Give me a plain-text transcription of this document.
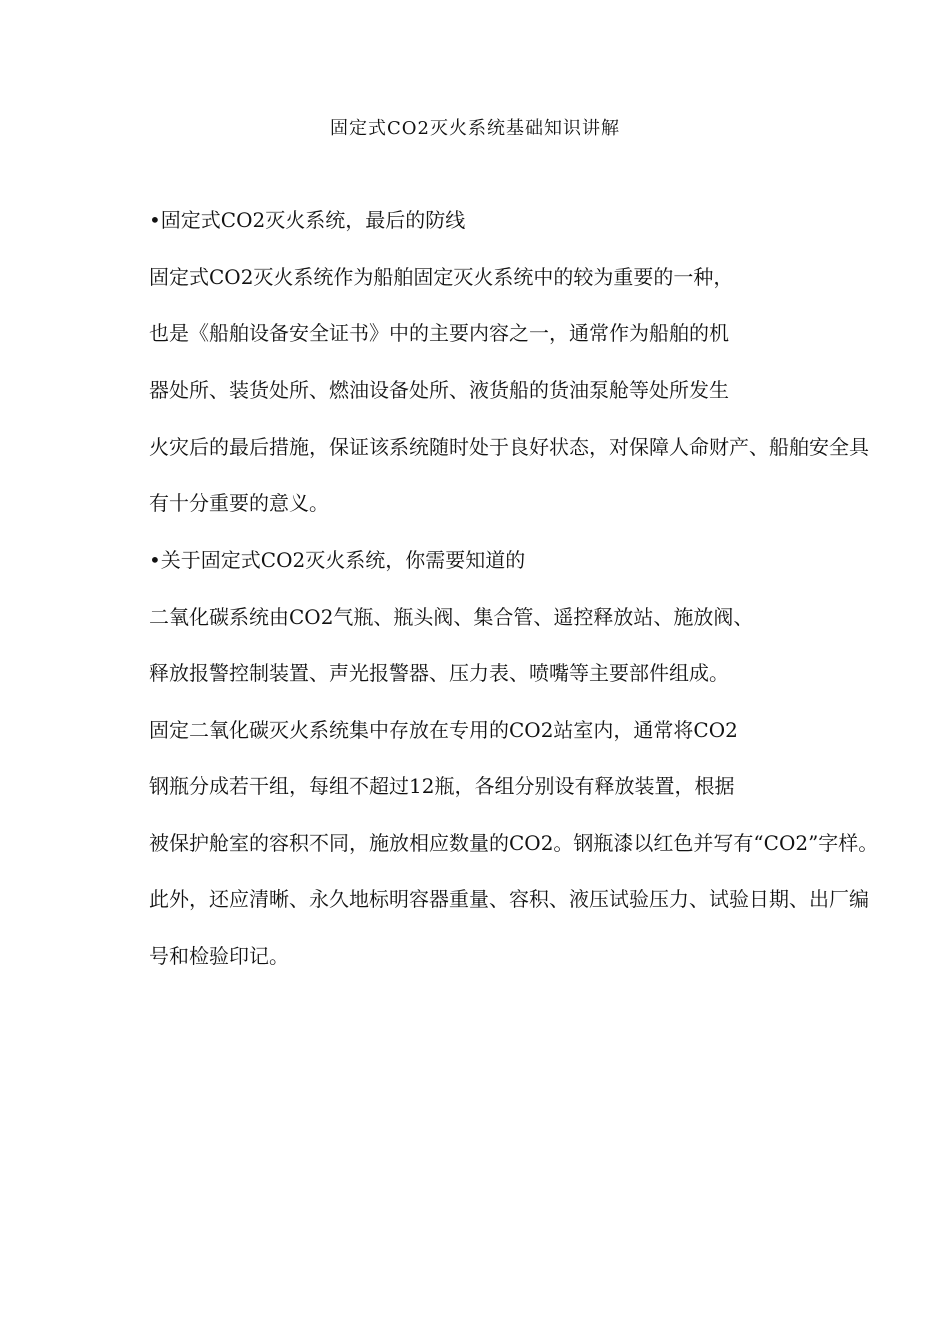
固定式CO2灭火系统基础知识讲解
•固定式CO2灭火系统，最后的防线
固定式CO2灭火系统作为船舶固定灭火系统中的较为重要的一种，
也是《船舶设备安全证书》中的主要内容之一，通常作为船舶的机
器处所、装货处所、燃油设备处所、液货船的货油泵舱等处所发生
火灾后的最后措施，保证该系统随时处于良好状态，对保障人命财产、船舶安全具
有十分重要的意义。
•关于固定式CO2灭火系统，你需要知道的
二氧化碳系统由CO2气瓶、瓶头阀、集合管、遥控释放站、施放阀、
释放报警控制装置、声光报警器、压力表、喷嘴等主要部件组成。
固定二氧化碳灭火系统集中存放在专用的CO2站室内，通常将CO2
钢瓶分成若干组，每组不超过12瓶，各组分别设有释放装置，根据
被保护舱室的容积不同，施放相应数量的CO2。钢瓶漆以红色并写有“CO2”字样。
此外，还应清晰、永久地标明容器重量、容积、液压试验压力、试验日期、出厂编
号和检验印记。
